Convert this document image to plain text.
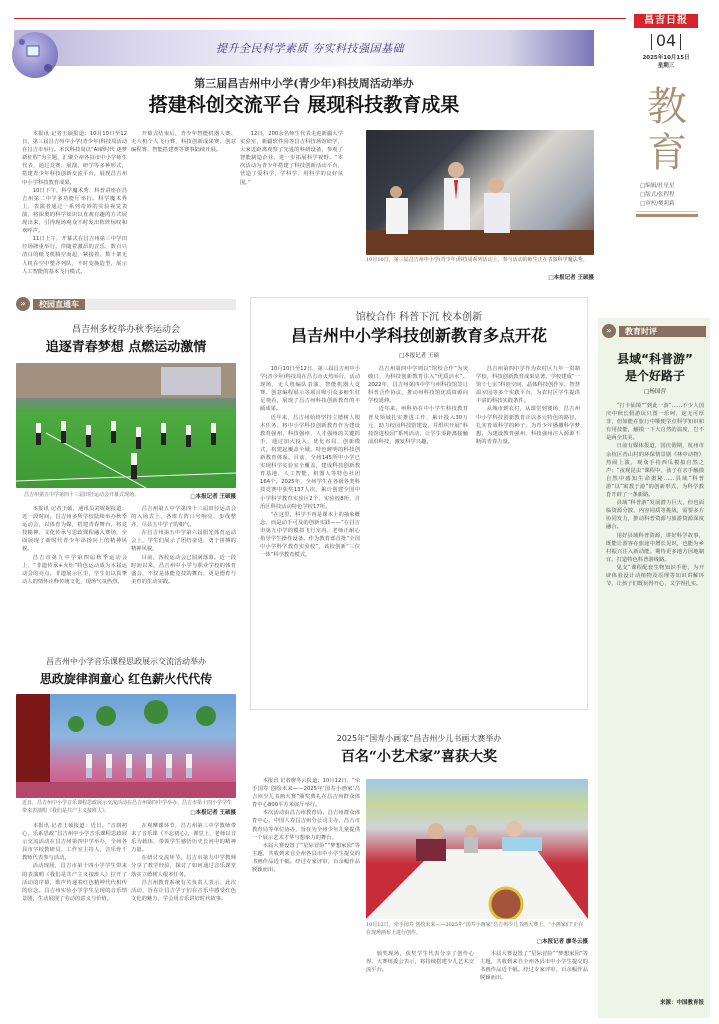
提升全民科学素质 夯实科技强国基础
昌吉日报
04
2025年10月15日
星期三
教育
□编辑/杜星星
□版式/张程程
□审校/樊莉莉
第三届昌吉州中小学(青少年)科技周活动举办
搭建科创交流平台 展现科技教育成果

本报讯 记者王硕报道：10月10日至12日，第三届昌吉州中小学(青少年)科技周活动在昌吉市举行。本次科技周以“AI新时代 逐梦新征程”为主题，汇聚全州各县市中小学师生代表，通过竞赛、展演、研学等多种形式，搭建青少年科技创新交流平台，展现昌吉州中小学科技教育成果。

10日下午，科学魔术秀、科普讲座在昌吉州第二中学多功能厅举行。科学魔术秀上，表演者通过一系列奇妙的实验视觉表演，将深奥的科学知识以直观有趣的方式展现出来，引得现场观众不时发出阵阵惊叹和欢呼声。

11日上午，开幕式在昌吉州第三中学田径场隆重举行。伴随着激昂的音乐，数百只清白的纸飞机腾空而起，紧接着，数十架无人机在空中整齐列队，不时变换造型，展示人工智能的基本飞行模式。

开幕式结束后，青少年智能机器人赛、无人机个人飞行赛、科技创新成果赛、创意编程赛、智能搭建赛等赛事陆续开展。

12日，200余名师生代表走进新疆大学实验室，新疆软件园等昌吉科技场馆研学，大家近距离观察了先进的科研设备，参观了智能制造企业，进一步拓展科学视野。“本次活动为青少年搭建了科技创新活动平台，营造了爱科学、学科学、用科学的良好氛围。”

10月10日，第三届昌吉州中小学(青少年)科技周系列活动上，参与活动的师生正在表演科学魔法秀。
□本报记者 王硕摄
»	校园直通车
昌吉州多校举办秋季运动会
追逐青春梦想 点燃运动激情
昌吉州第五中学第四十三届田径运动会开幕式现场。	□本报记者 王硕摄

本报讯 记者王硕、通讯员刘妮妮报道：近一段时间，昌吉州多所学校陆续举办秋季运动会，以体育为媒，搭建青春舞台，将竞技精神、文化传承与思政课程融入赛场，全面展现了新时代青少年昂扬向上的精神风貌。

昌吉市第九中学第四届秋季运动会上，“非遗传承+火炬”特色运动成为本届运动会的亮点。非遗展示区里，学生们以真挚动人的情怀诠释传统文化，现场气氛热烈。

昌吉州第五中学第四十三届田径运动会的入场式上，各班方阵口号响亮、步伐整齐，尽显五中学子的朝气。

在昌吉州第五中学第六届阳光体育运动会上，学生们展示了团结奋进、勇于拼搏的精神风貌。

目前，各校运动会已圆满落幕。近一段时间以来，昌吉州中小学与职业学校的体育盛会，不仅是体能竞技的舞台，更是德育与美育的生动实践。

昌吉州中小学音乐课程思政展示交流活动举办
思政旋律润童心 红色薪火代代传
近日，昌吉州中小学音乐课程思政展示交流活动在昌吉州第四中学举办。昌吉市第十四小学学生带来表演唱《我们是共产主义接班人》。	□本报记者 王硕摄

本报讯 记者王硕报道：近日，“音润初心，乐系思政”昌吉州中小学音乐课程思政展示交流活动在昌吉州第四中学举办，全州各县市学校教研员、工作室主持人、音乐骨干教师代表参与活动。

活动现场，昌吉市第十四小学学生带来的表演唱《我们是共产主义接班人》拉开了活动的序幕，歌声传递着红色精神代代相传的信念。昌吉州实验小学学生呈现的音乐情景剧，生动展现了劳动的意义与价值。

在观摩课环节，昌吉州第三中学教师带来了音乐课《不忘初心》，课堂上，老师以音乐为载体，带领学生感悟历史长河中的精神力量。

在研讨交流环节，昌吉市第九中学教师分享了教学经验，探讨了如何通过音乐课堂落实立德树人根本任务。

昌吉州教育系统有关负责人表示，此次活动，旨在让昌吉学子们在音乐中感受红色文化的魅力，学会用音乐讲好时代故事。

馆校合作 科普下沉 校本创新
昌吉州中小学科技创新教育多点开花
□本报记者 王硕

10月10日至12日，第三届昌吉州中小学(青少年)科技周在昌吉市火热举行，活动现场，无人机编队表演、智能机器人竞赛、创意编程展示等项目吸引众多师生驻足观看，展现了昌吉州科技创新教育的丰硕成果。

近年来，昌吉州始终坚持立德树人根本任务，将中小学科技创新教育作为建设教育强州、科技强州、人才强州的关键抓手，通过加大投入、优化布局、创新模式，构建起覆盖全域、特色鲜明的科技创新教育体系。目前，全州145所中小学已实现科学实验室全覆盖，建成科技创新教育基地、人工智能、机器人等特色社团164个。2025年，全州学生在各级各类科技竞赛中获奖137人次，累计创建全国中小学科学教育实验区2个、实验校8所，自治区科技活动特色学校17所。

“在这里，科学不再是课本上的抽象概念，而是动手可及的创新实践——”在昌吉市第九中学的模拟飞行室内，老师正耐心指导学生操作设备。作为教育部首批“全国中小学科学教育实验校”，该校创新“三位一体”科学教育模式。

昌吉州第四中学则以“馆校合作”为突破口，为科技创新教育注入“优质活水”。2022年，昌吉州第四中学与州科技馆签订科普合作协议，推动州科技馆优质资源向学校延伸。

近年来，州科协在中小学生科技教育普及领域扎实推进工作，累计投入30万元，助力校园科技馆建设，并组织开展“科技馆进校园”系列活动，让学生零距离接触前沿科技，激发科学兴趣。

昌吉州第四中学作为农村区九年一贯制学校，科技创新教育成果显著。学校建成“一馆十七室”科创空间，晶体科技创作室、智慧温室园等多个实践平台，为农村区学生提供丰富的科技实践条件。

从城市到农村，从课堂到赛场，昌吉州中小学科技创新教育正以多元特色的路径，扎实育成科学的种子，为青少年播撒科学梦想，为建设教育强州、科技强州注入源源不断的青春力量。

»	教育时评
县域“科普游”
是个好路子
□杨国营

“打卡仙境”“到此一游”……不少人国庆中秋长假游玩只图一乐呵，这无可厚非，但如能在旅行中顺便学点科学知识和有用技能，触摸一下大自然的温度，岂不是两全其美。

日前有媒体报道，国庆假期，杭州市余杭区青山村的环保情景剧《林中动物》热闹上演，观众手持西瓜模拟自然之声；“夜观昆虫”课程中，孩子在亲手触摸自然中感知生命奥秘……县域“科普游”以“寓教于游”的创新形式，为科学教育开辟了一条新路。

县域“科普游”发展潜力巨大，但也面临资源分散、内容同质等挑战，需要多方协同发力，推动科普资源与旅游资源深度融合。

用好县域科普资源，讲好科学故事，既能让游客在旅途中增长见识，也能为乡村振兴注入新动能。期待更多地方因地制宜，打造特色科普游线路。

见支“课程配套生物知识手册，为开辟体验设计动植物及原理等知识讲解环节，让孩子们既玩得开心，又学得扎实。

来源：中国教育报
2025年“国寿小画家”昌吉州少儿书画大赛举办
百名“小艺术家”喜获大奖

本报讯 记者廖冬云报道：10月12日，“牵手国寿 创绘未来——2025年‘国寿小画家’昌吉州少儿书画大赛”颁奖典礼在昌吉州群众体育中心800平方米展厅举行。

本次活动由昌吉州教育局、昌吉州群众体育中心、中国人寿昌吉州分公司主办，昌吉市教育局等单位协办，旨在为全州少年儿童提供一个展示艺术才华与想象力的舞台。

本届大赛设置了“星际冒险”“梦想家园”等主题，共收到来自全州各县市中小学生提交的书画作品近千幅。经过专家评审，百余幅作品脱颖而出。

10月12日，牵手国寿 创绘未来——2025年“国寿小画家”昌吉州少儿书画大赛上，“小画家们”正在在现场画布上进行创作。
□本报记者 廖冬云摄

颁奖现场，获奖学生代表分享了创作心得。大赛组委会表示，将持续搭建少儿艺术交流平台。

本届大赛设置了“星际冒险”“梦想家园”等主题，共收到来自全州各县市中小学生提交的书画作品近千幅。经过专家评审，百余幅作品脱颖而出。
